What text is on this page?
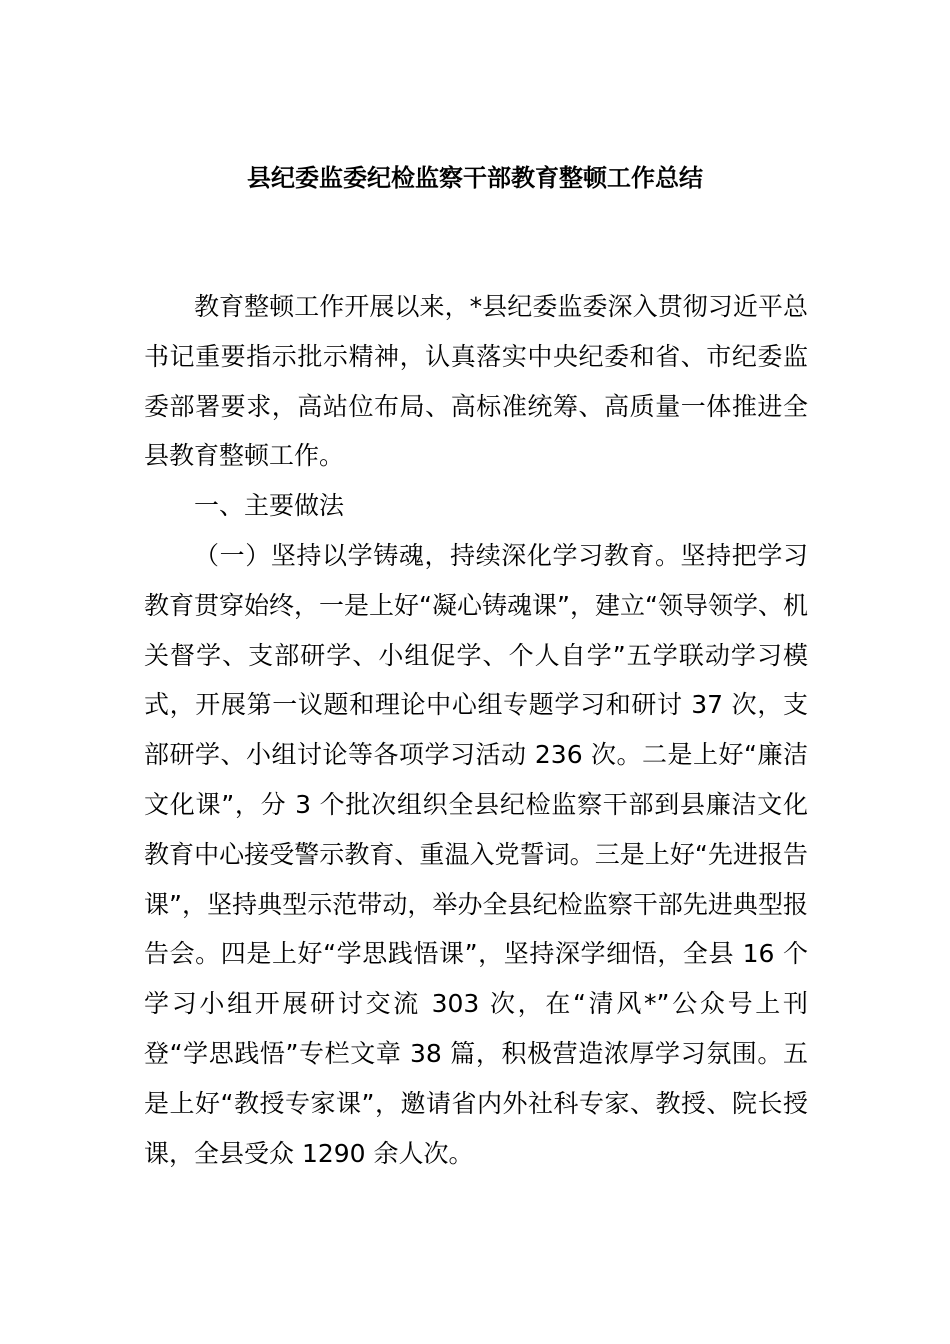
县纪委监委纪检监察干部教育整顿工作总结

教育整顿工作开展以来，*县纪委监委深入贯彻习近平总书记重要指示批示精神，认真落实中央纪委和省、市纪委监委部署要求，高站位布局、高标准统筹、高质量一体推进全县教育整顿工作。

一、主要做法

（一）坚持以学铸魂，持续深化学习教育。坚持把学习教育贯穿始终，一是上好“凝心铸魂课”，建立“领导领学、机关督学、支部研学、小组促学、个人自学”五学联动学习模式，开展第一议题和理论中心组专题学习和研讨 37 次，支部研学、小组讨论等各项学习活动 236 次。二是上好“廉洁文化课”，分 3 个批次组织全县纪检监察干部到县廉洁文化教育中心接受警示教育、重温入党誓词。三是上好“先进报告课”，坚持典型示范带动，举办全县纪检监察干部先进典型报告会。四是上好“学思践悟课”，坚持深学细悟，全县 16 个学习小组开展研讨交流 303 次，在“清风*”公众号上刊登“学思践悟”专栏文章 38 篇，积极营造浓厚学习氛围。五是上好“教授专家课”，邀请省内外社科专家、教授、院长授课，全县受众 1290 余人次。
